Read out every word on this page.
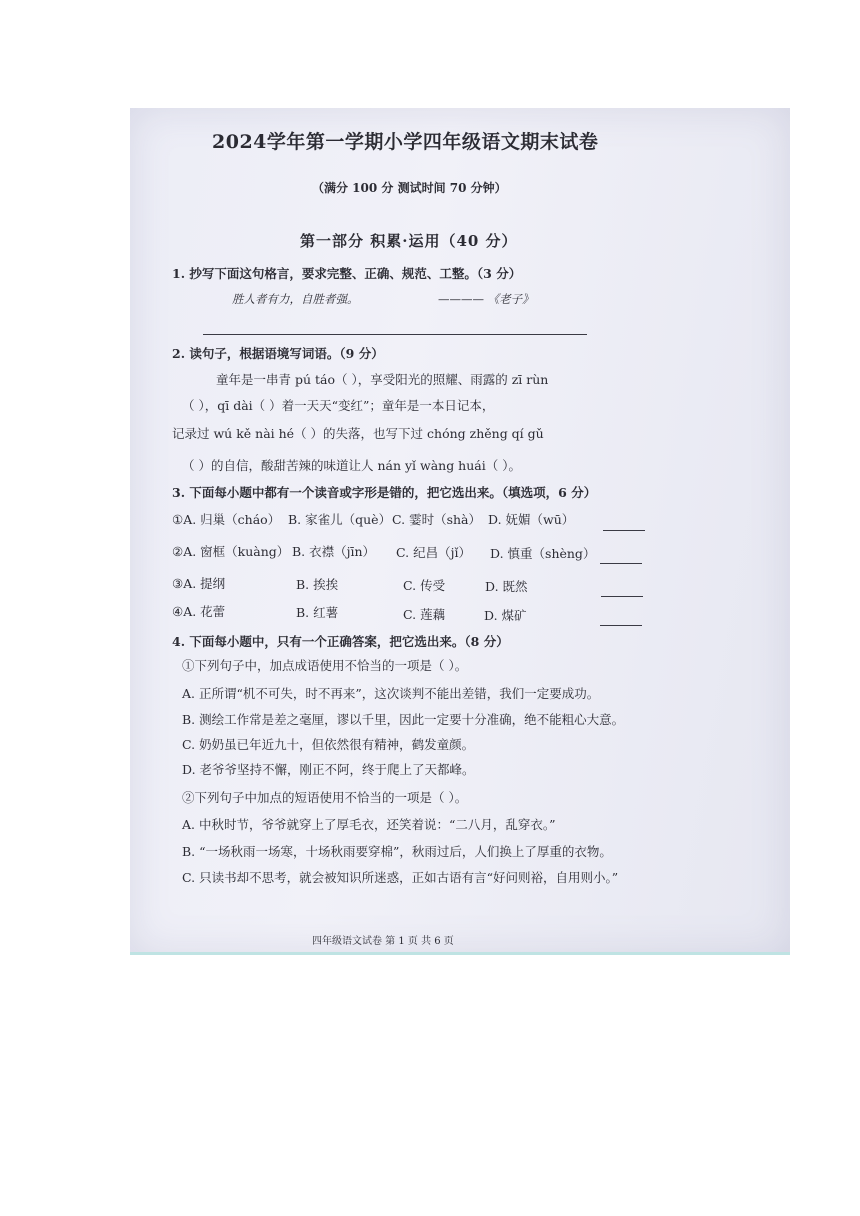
2024学年第一学期小学四年级语文期末试卷
（满分 100 分 测试时间 70 分钟）
第一部分 积累·运用（40 分）
1. 抄写下面这句格言，要求完整、正确、规范、工整。（3 分）
胜人者有力，自胜者强。	———— 《老子》
2. 读句子，根据语境写词语。（9 分）
童年是一串青 pú táo（ ），享受阳光的照耀、雨露的 zī rùn
（ ），qī dài（ ）着一天天“变红”；童年是一本日记本，
记录过 wú kě nài hé（ ）的失落，也写下过 chóng zhěng qí gǔ
（ ）的自信，酸甜苦辣的味道让人 nán yǐ wàng huái（ ）。
3. 下面每小题中都有一个读音或字形是错的，把它选出来。（填选项，6 分）
①A. 归巢（cháo） B. 家雀儿（què） C. 霎时（shà） D. 妩媚（wū）
②A. 窗框（kuàng） B. 衣襟（jīn） C. 纪昌（jǐ） D. 慎重（shèng）
③A. 提纲	B. 挨挨	C. 传受	D. 既然
④A. 花蕾	B. 红薯	C. 莲藕	D. 煤矿
4. 下面每小题中，只有一个正确答案，把它选出来。（8 分）
①下列句子中，加点成语使用不恰当的一项是（ ）。
A. 正所谓“机不可失，时不再来”，这次谈判不能出差错，我们一定要成功。
B. 测绘工作常是差之毫厘，谬以千里，因此一定要十分准确，绝不能粗心大意。
C. 奶奶虽已年近九十，但依然很有精神，鹤发童颜。
D. 老爷爷坚持不懈，刚正不阿，终于爬上了天都峰。
②下列句子中加点的短语使用不恰当的一项是（ ）。
A. 中秋时节，爷爷就穿上了厚毛衣，还笑着说：“二八月，乱穿衣。”
B. “一场秋雨一场寒，十场秋雨要穿棉”，秋雨过后，人们换上了厚重的衣物。
C. 只读书却不思考，就会被知识所迷惑，正如古语有言“好问则裕，自用则小。”
四年级语文试卷 第 1 页 共 6 页
